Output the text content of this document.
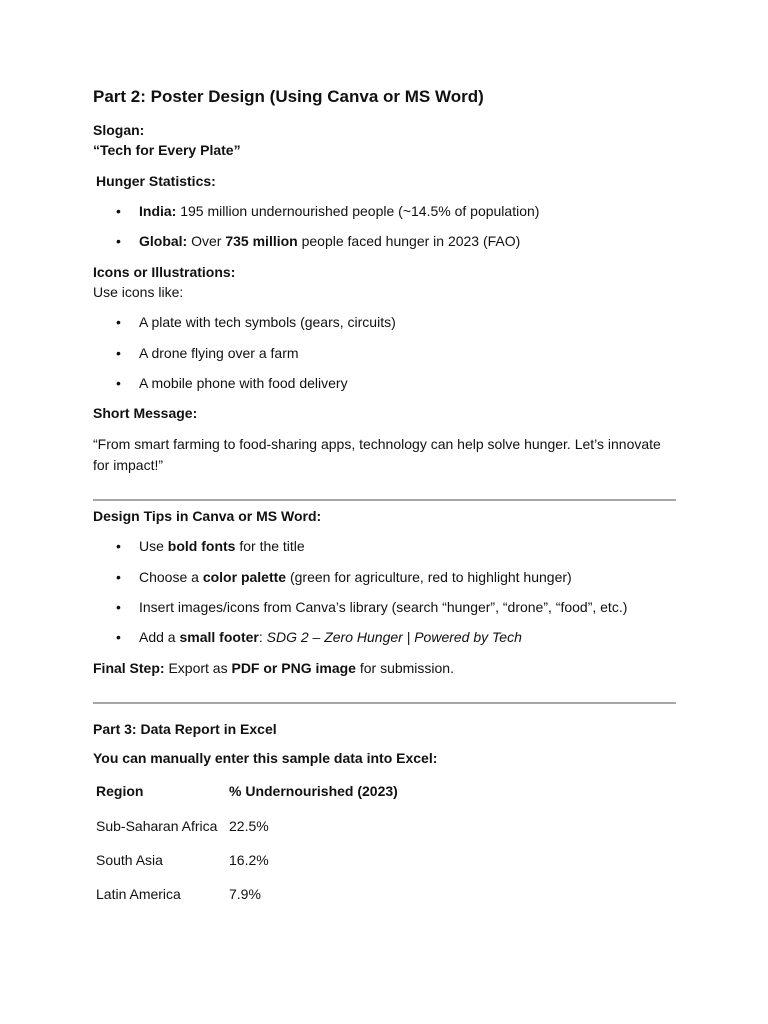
Part 2: Poster Design (Using Canva or MS Word)
Slogan:
“Tech for Every Plate”
Hunger Statistics:
• India: 195 million undernourished people (~14.5% of population)
• Global: Over 735 million people faced hunger in 2023 (FAO)
Icons or Illustrations:
Use icons like:
• A plate with tech symbols (gears, circuits)
• A drone flying over a farm
• A mobile phone with food delivery
Short Message:
“From smart farming to food-sharing apps, technology can help solve hunger. Let’s innovate for impact!”
Design Tips in Canva or MS Word:
• Use bold fonts for the title
• Choose a color palette (green for agriculture, red to highlight hunger)
• Insert images/icons from Canva’s library (search “hunger”, “drone”, “food”, etc.)
• Add a small footer: SDG 2 – Zero Hunger | Powered by Tech
Final Step: Export as PDF or PNG image for submission.
Part 3: Data Report in Excel
You can manually enter this sample data into Excel:
Region	% Undernourished (2023)
Sub-Saharan Africa 22.5%
South Asia	16.2%
Latin America	7.9%
